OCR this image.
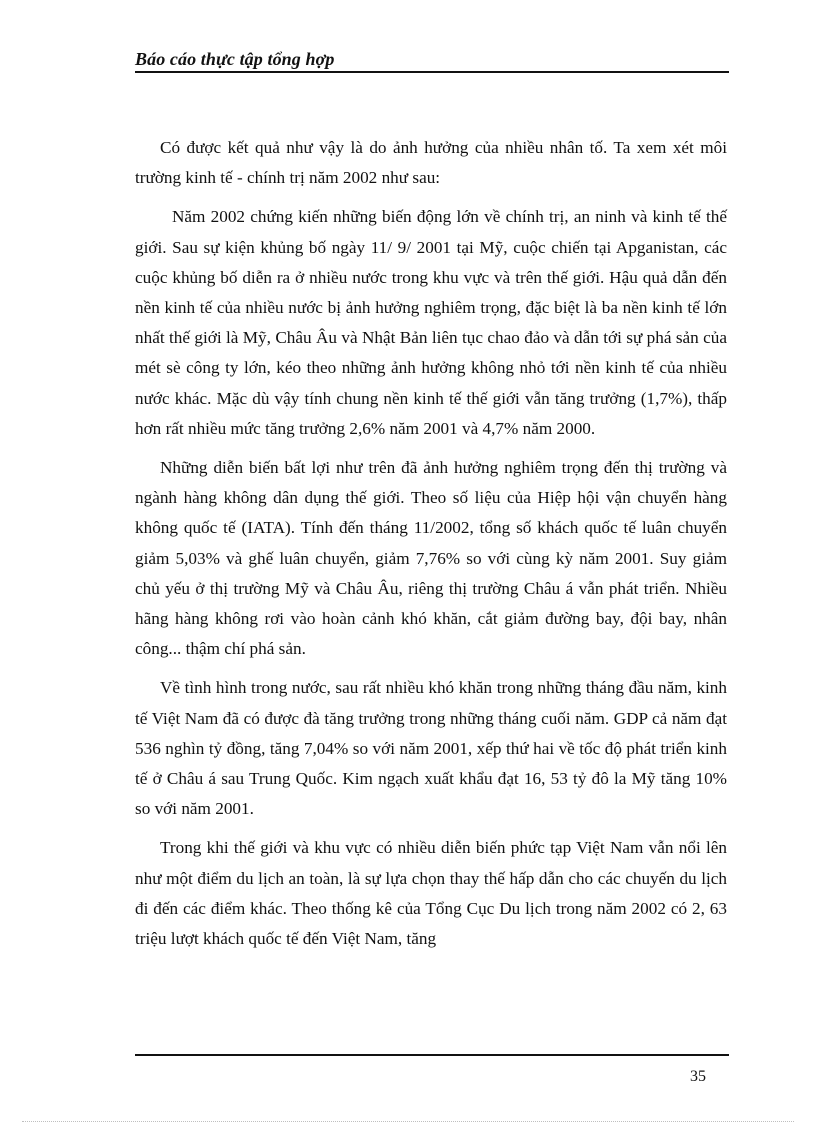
Báo cáo thực tập tổng hợp

Có được kết quả như vậy là do ảnh hưởng của nhiều nhân tố. Ta xem xét môi trường kinh tế - chính trị năm 2002 như sau:

Năm 2002 chứng kiến những biến động lớn về chính trị, an ninh và kinh tế thế giới. Sau sự kiện khủng bố ngày 11/ 9/ 2001 tại Mỹ, cuộc chiến tại Apganistan, các cuộc khủng bố diễn ra ở nhiều nước trong khu vực và trên thế giới. Hậu quả dẫn đến nền kinh tế của nhiều nước bị ảnh hưởng nghiêm trọng, đặc biệt là ba nền kinh tế lớn nhất thế giới là Mỹ, Châu Âu và Nhật Bản liên tục chao đảo và dẫn tới sự phá sản của mét sè công ty lớn, kéo theo những ảnh hưởng không nhỏ tới nền kinh tế của nhiều nước khác. Mặc dù vậy tính chung nền kinh tế thế giới vẫn tăng trưởng (1,7%), thấp hơn rất nhiều mức tăng trưởng 2,6% năm 2001 và 4,7% năm 2000.

Những diễn biến bất lợi như trên đã ảnh hưởng nghiêm trọng đến thị trường và ngành hàng không dân dụng thế giới. Theo số liệu của Hiệp hội vận chuyển hàng không quốc tế (IATA). Tính đến tháng 11/2002, tổng số khách quốc tế luân chuyển giảm 5,03% và ghế luân chuyển, giảm 7,76% so với cùng kỳ năm 2001. Suy giảm chủ yếu ở thị trường Mỹ và Châu Âu, riêng thị trường Châu á vẫn phát triển. Nhiều hãng hàng không rơi vào hoàn cảnh khó khăn, cắt giảm đường bay, đội bay, nhân công... thậm chí phá sản.

Về tình hình trong nước, sau rất nhiều khó khăn trong những tháng đầu năm, kinh tế Việt Nam đã có được đà tăng trưởng trong những tháng cuối năm. GDP cả năm đạt 536 nghìn tỷ đồng, tăng 7,04% so với năm 2001, xếp thứ hai về tốc độ phát triển kinh tế ở Châu á sau Trung Quốc. Kim ngạch xuất khẩu đạt 16, 53 tỷ đô la Mỹ tăng 10% so với năm 2001.

Trong khi thế giới và khu vực có nhiều diễn biến phức tạp Việt Nam vẫn nổi lên như một điểm du lịch an toàn, là sự lựa chọn thay thế hấp dẫn cho các chuyến du lịch đi đến các điểm khác. Theo thống kê của Tổng Cục Du lịch trong năm 2002 có 2, 63 triệu lượt khách quốc tế đến Việt Nam, tăng

35
